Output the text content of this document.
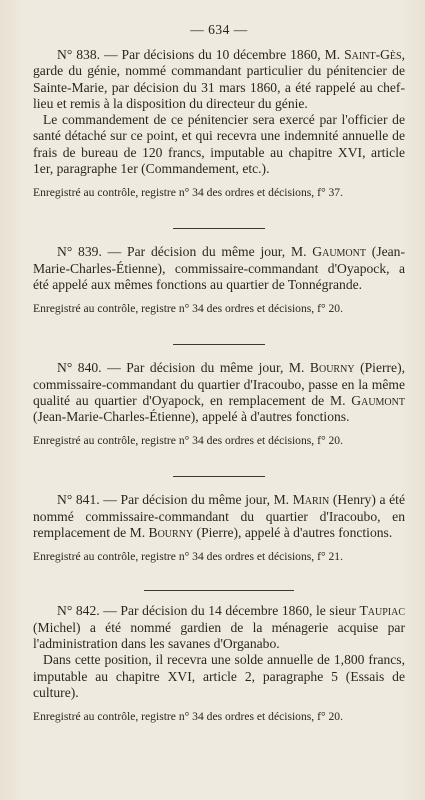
— 634 —

N° 838. — Par décisions du 10 décembre 1860, M. Saint-Gès, garde du génie, nommé commandant particulier du pénitencier de Sainte-Marie, par décision du 31 mars 1860, a été rappelé au chef-lieu et remis à la disposition du directeur du génie.

Le commandement de ce pénitencier sera exercé par l'officier de santé détaché sur ce point, et qui recevra une indemnité annuelle de frais de bureau de 120 francs, imputable au chapitre XVI, article 1er, paragraphe 1er (Commandement, etc.).

Enregistré au contrôle, registre n° 34 des ordres et décisions, f° 37.

N° 839. — Par décision du même jour, M. Gaumont (Jean-Marie-Charles-Étienne), commissaire-commandant d'Oyapock, a été appelé aux mêmes fonctions au quartier de Tonnégrande.

Enregistré au contrôle, registre n° 34 des ordres et décisions, f° 20.

N° 840. — Par décision du même jour, M. Bourny (Pierre), commissaire-commandant du quartier d'Iracoubo, passe en la même qualité au quartier d'Oyapock, en remplacement de M. Gaumont (Jean-Marie-Charles-Étienne), appelé à d'autres fonctions.

Enregistré au contrôle, registre n° 34 des ordres et décisions, f° 20.

N° 841. — Par décision du même jour, M. Marin (Henry) a été nommé commissaire-commandant du quartier d'Iracoubo, en remplacement de M. Bourny (Pierre), appelé à d'autres fonctions.

Enregistré au contrôle, registre n° 34 des ordres et décisions, f° 21.

N° 842. — Par décision du 14 décembre 1860, le sieur Taupiac (Michel) a été nommé gardien de la ménagerie acquise par l'administration dans les savanes d'Organabo.

Dans cette position, il recevra une solde annuelle de 1,800 francs, imputable au chapitre XVI, article 2, paragraphe 5 (Essais de culture).

Enregistré au contrôle, registre n° 34 des ordres et décisions, f° 20.
